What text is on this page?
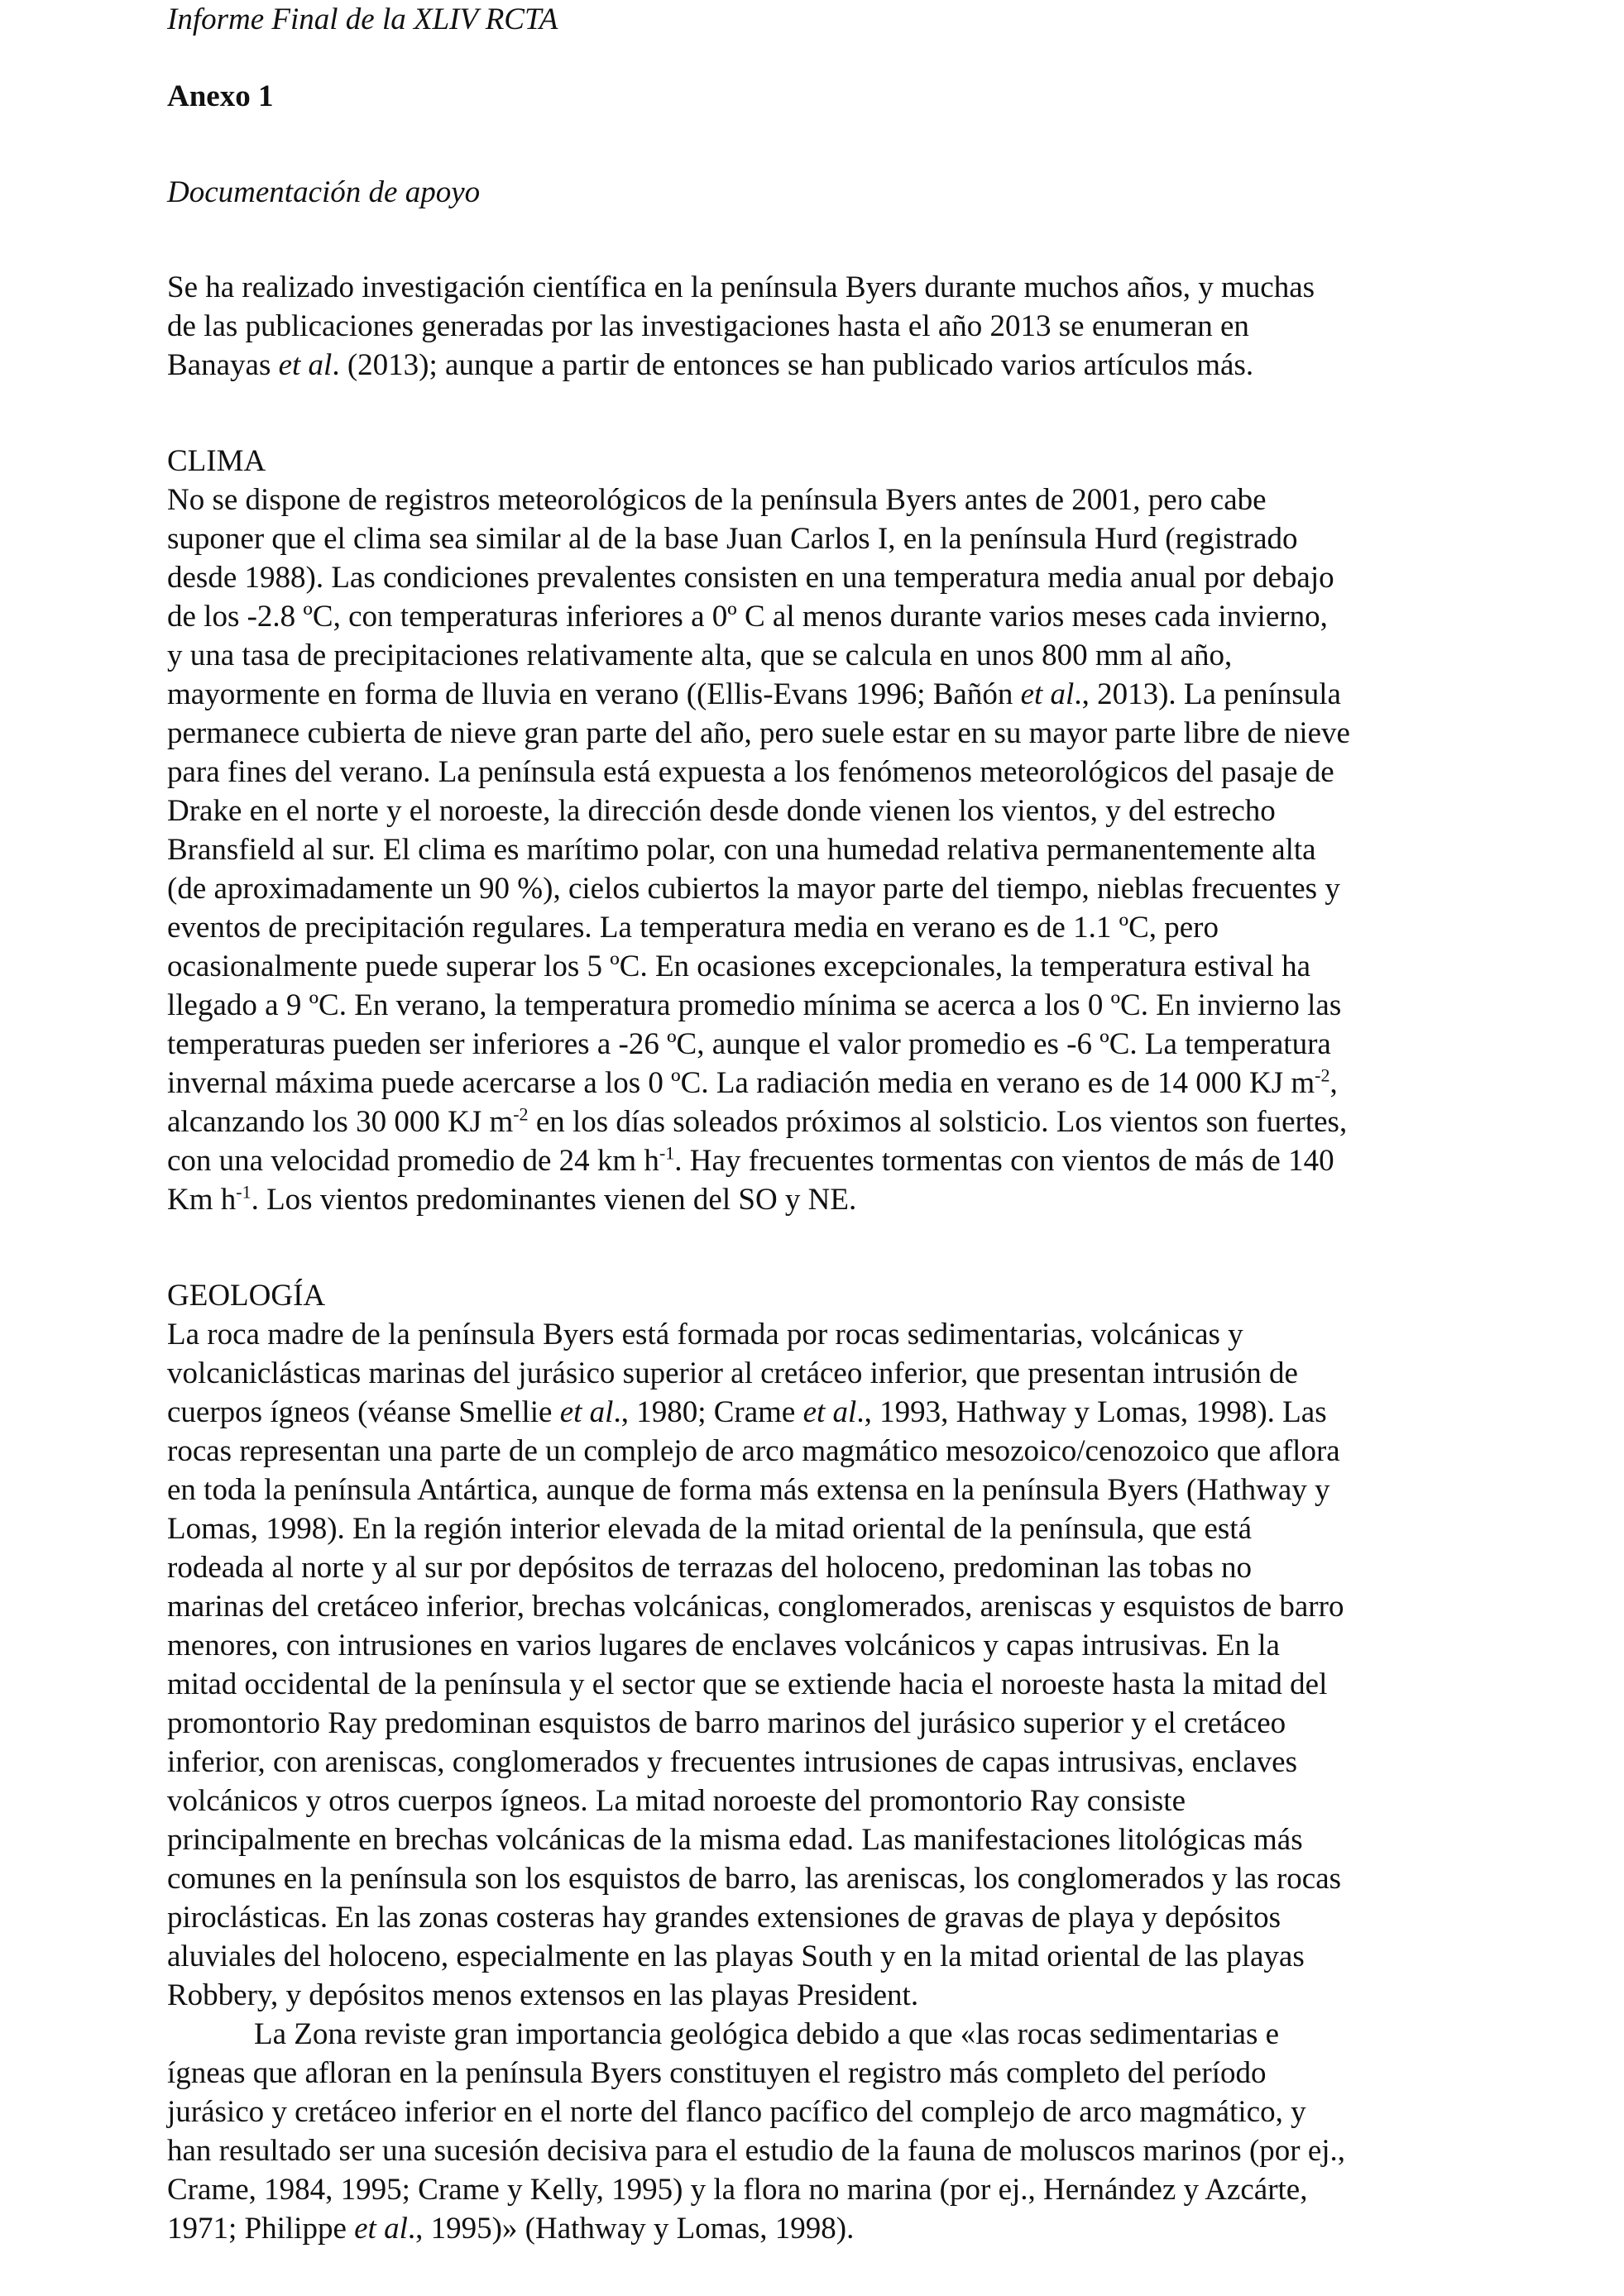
Informe Final de la XLIV RCTA
Anexo 1
Documentación de apoyo
Se ha realizado investigación científica en la península Byers durante muchos años, y muchas
de las publicaciones generadas por las investigaciones hasta el año 2013 se enumeran en
Banayas et al. (2013); aunque a partir de entonces se han publicado varios artículos más.
CLIMA
No se dispone de registros meteorológicos de la península Byers antes de 2001, pero cabe
suponer que el clima sea similar al de la base Juan Carlos I, en la península Hurd (registrado
desde 1988). Las condiciones prevalentes consisten en una temperatura media anual por debajo
de los -2.8 ºC, con temperaturas inferiores a 0º C al menos durante varios meses cada invierno,
y una tasa de precipitaciones relativamente alta, que se calcula en unos 800 mm al año,
mayormente en forma de lluvia en verano ((Ellis-Evans 1996; Bañón et al., 2013). La península
permanece cubierta de nieve gran parte del año, pero suele estar en su mayor parte libre de nieve
para fines del verano. La península está expuesta a los fenómenos meteorológicos del pasaje de
Drake en el norte y el noroeste, la dirección desde donde vienen los vientos, y del estrecho
Bransfield al sur. El clima es marítimo polar, con una humedad relativa permanentemente alta
(de aproximadamente un 90 %), cielos cubiertos la mayor parte del tiempo, nieblas frecuentes y
eventos de precipitación regulares. La temperatura media en verano es de 1.1 ºC, pero
ocasionalmente puede superar los 5 ºC. En ocasiones excepcionales, la temperatura estival ha
llegado a 9 ºC. En verano, la temperatura promedio mínima se acerca a los 0 ºC. En invierno las
temperaturas pueden ser inferiores a -26 ºC, aunque el valor promedio es -6 ºC. La temperatura
invernal máxima puede acercarse a los 0 ºC. La radiación media en verano es de 14 000 KJ $m^{-2}$,
alcanzando los 30 000 KJ $m^{-2}$ en los días soleados próximos al solsticio. Los vientos son fuertes,
con una velocidad promedio de 24 km $h^{-1}$. Hay frecuentes tormentas con vientos de más de 140
Km $h^{-1}$. Los vientos predominantes vienen del SO y NE.
GEOLOGÍA
La roca madre de la península Byers está formada por rocas sedimentarias, volcánicas y
volcaniclásticas marinas del jurásico superior al cretáceo inferior, que presentan intrusión de
cuerpos ígneos (véanse Smellie et al., 1980; Crame et al., 1993, Hathway y Lomas, 1998). Las
rocas representan una parte de un complejo de arco magmático mesozoico/cenozoico que aflora
en toda la península Antártica, aunque de forma más extensa en la península Byers (Hathway y
Lomas, 1998). En la región interior elevada de la mitad oriental de la península, que está
rodeada al norte y al sur por depósitos de terrazas del holoceno, predominan las tobas no
marinas del cretáceo inferior, brechas volcánicas, conglomerados, areniscas y esquistos de barro
menores, con intrusiones en varios lugares de enclaves volcánicos y capas intrusivas. En la
mitad occidental de la península y el sector que se extiende hacia el noroeste hasta la mitad del
promontorio Ray predominan esquistos de barro marinos del jurásico superior y el cretáceo
inferior, con areniscas, conglomerados y frecuentes intrusiones de capas intrusivas, enclaves
volcánicos y otros cuerpos ígneos. La mitad noroeste del promontorio Ray consiste
principalmente en brechas volcánicas de la misma edad. Las manifestaciones litológicas más
comunes en la península son los esquistos de barro, las areniscas, los conglomerados y las rocas
piroclásticas. En las zonas costeras hay grandes extensiones de gravas de playa y depósitos
aluviales del holoceno, especialmente en las playas South y en la mitad oriental de las playas
Robbery, y depósitos menos extensos en las playas President.
La Zona reviste gran importancia geológica debido a que «las rocas sedimentarias e
ígneas que afloran en la península Byers constituyen el registro más completo del período
jurásico y cretáceo inferior en el norte del flanco pacífico del complejo de arco magmático, y
han resultado ser una sucesión decisiva para el estudio de la fauna de moluscos marinos (por ej.,
Crame, 1984, 1995; Crame y Kelly, 1995) y la flora no marina (por ej., Hernández y Azcárte,
1971; Philippe et al., 1995)» (Hathway y Lomas, 1998).
